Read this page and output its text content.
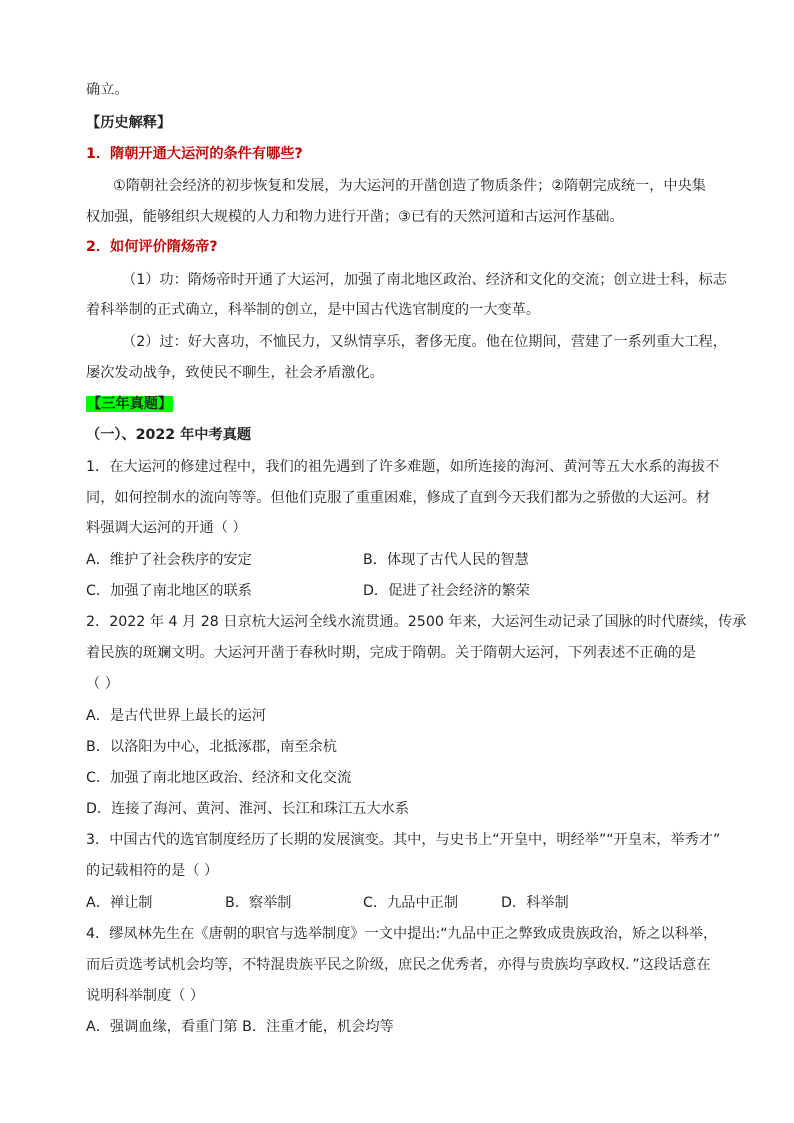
确立。
【历史解释】
1．隋朝开通大运河的条件有哪些?
①隋朝社会经济的初步恢复和发展，为大运河的开凿创造了物质条件；②隋朝完成统一，中央集
权加强，能够组织大规模的人力和物力进行开凿；③已有的天然河道和古运河作基础。
2．如何评价隋炀帝?
（1）功：隋炀帝时开通了大运河，加强了南北地区政治、经济和文化的交流；创立进士科，标志
着科举制的正式确立，科举制的创立，是中国古代选官制度的一大变革。
（2）过：好大喜功，不恤民力，又纵情享乐，奢侈无度。他在位期间，营建了一系列重大工程，
屡次发动战争，致使民不聊生，社会矛盾激化。
【三年真题】
（一）、2022 年中考真题
1．在大运河的修建过程中，我们的祖先遇到了许多难题，如所连接的海河、黄河等五大水系的海拔不
同，如何控制水的流向等等。但他们克服了重重困难，修成了直到今天我们都为之骄傲的大运河。材
料强调大运河的开通（ ）
A．维护了社会秩序的安定	B．体现了古代人民的智慧
C．加强了南北地区的联系	D．促进了社会经济的繁荣
2．2022 年 4 月 28 日京杭大运河全线水流贯通。2500 年来，大运河生动记录了国脉的时代赓续，传承
着民族的斑斓文明。大运河开凿于春秋时期，完成于隋朝。关于隋朝大运河，下列表述不正确的是
（ ）
A．是古代世界上最长的运河
B．以洛阳为中心，北抵涿郡，南至余杭
C．加强了南北地区政治、经济和文化交流
D．连接了海河、黄河、淮河、长江和珠江五大水系
3．中国古代的选官制度经历了长期的发展演变。其中，与史书上“开皇中，明经举”“开皇末，举秀才”
的记载相符的是（ ）
A．禅让制	B．察举制	C．九品中正制	D．科举制
4．缪凤林先生在《唐朝的职官与选举制度》一文中提出:“九品中正之弊致成贵族政治，矫之以科举，
而后贡选考试机会均等，不特混贵族平民之阶级，庶民之优秀者，亦得与贵族均享政权．”这段话意在
说明科举制度（ ）
A．强调血缘，看重门第 B．注重才能，机会均等
